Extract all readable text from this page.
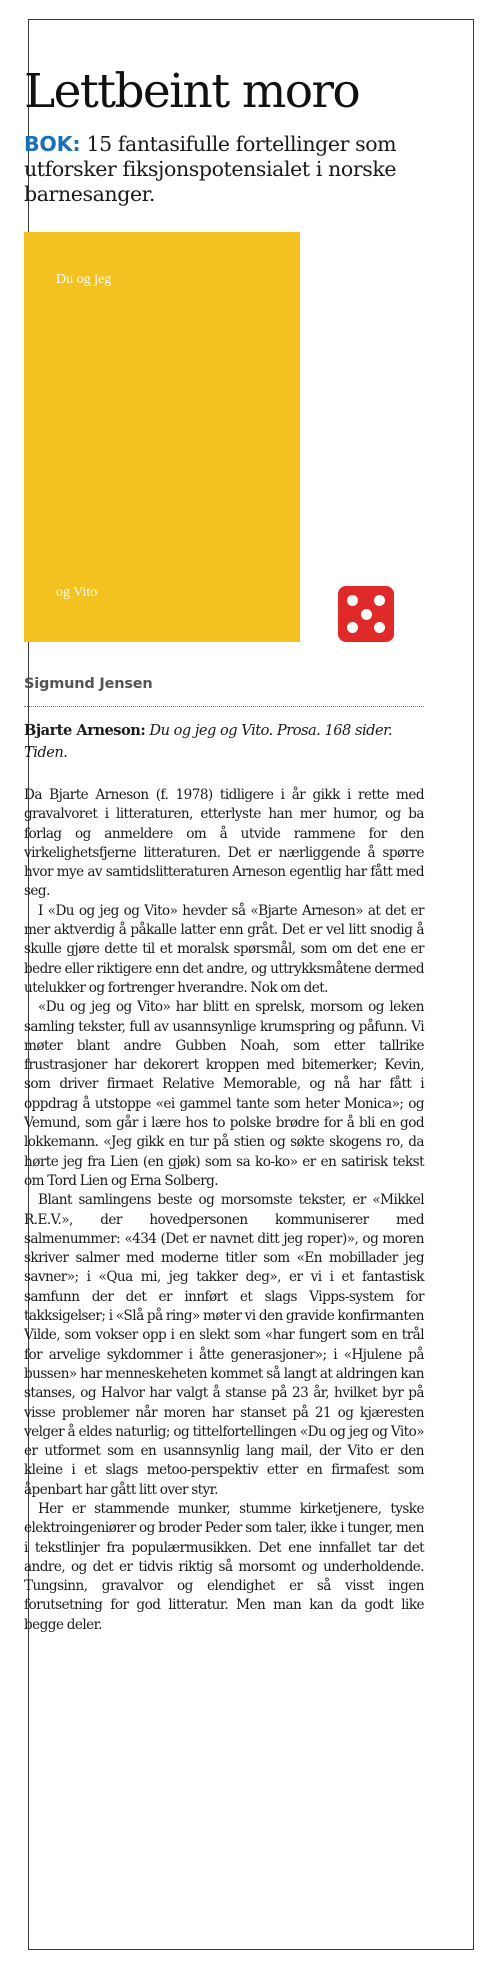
Lettbeint moro
BOK: 15 fantasifulle fortellinger som utforsker fiksjonspotensialet i norske barnesanger.
Du og jeg
og Vito
Sigmund Jensen
Bjarte Arneson: Du og jeg og Vito. Prosa. 168 sider. Tiden.

Da Bjarte Arneson (f. 1978) tidligere i år gikk i rette med gravalvoret i litteraturen, etterlyste han mer humor, og ba forlag og anmeldere om å utvide rammene for den virkelighetsfjerne litteraturen. Det er nærliggende å spørre hvor mye av samtidslitteraturen Arneson egentlig har fått med seg.

I «Du og jeg og Vito» hevder så «Bjarte Arneson» at det er mer aktverdig å påkalle latter enn gråt. Det er vel litt snodig å skulle gjøre dette til et moralsk spørsmål, som om det ene er bedre eller riktigere enn det andre, og uttrykksmåtene dermed utelukker og fortrenger hverandre. Nok om det.

«Du og jeg og Vito» har blitt en sprelsk, morsom og leken samling tekster, full av usannsynlige krumspring og påfunn. Vi møter blant andre Gubben Noah, som etter tallrike frustrasjoner har dekorert kroppen med bitemerker; Kevin, som driver firmaet Relative Memorable, og nå har fått i oppdrag å utstoppe «ei gammel tante som heter Monica»; og Vemund, som går i lære hos to polske brødre for å bli en god lokkemann. «Jeg gikk en tur på stien og søkte skogens ro, da hørte jeg fra Lien (en gjøk) som sa ko-ko» er en satirisk tekst om Tord Lien og Erna Solberg.

Blant samlingens beste og morsomste tekster, er «Mikkel R.E.V.», der hovedpersonen kommuniserer med salmenummer: «434 (Det er navnet ditt jeg roper)», og moren skriver salmer med moderne titler som «En mobillader jeg savner»; i «Qua mi, jeg takker deg», er vi i et fantastisk samfunn der det er innført et slags Vipps-system for takksigelser; i «Slå på ring» møter vi den gravide konfirmanten Vilde, som vokser opp i en slekt som «har fungert som en trål for arvelige sykdommer i åtte generasjoner»; i «Hjulene på bussen» har menneskeheten kommet så langt at aldringen kan stanses, og Halvor har valgt å stanse på 23 år, hvilket byr på visse problemer når moren har stanset på 21 og kjæresten velger å eldes naturlig; og tittelfortellingen «Du og jeg og Vito» er utformet som en usannsynlig lang mail, der Vito er den kleine i et slags metoo-perspektiv etter en firmafest som åpenbart har gått litt over styr.

Her er stammende munker, stumme kirketjenere, tyske elektroingeniører og broder Peder som taler, ikke i tunger, men i tekstlinjer fra populærmusikken. Det ene innfallet tar det andre, og det er tidvis riktig så morsomt og underholdende. Tungsinn, gravalvor og elendighet er så visst ingen forutsetning for god litteratur. Men man kan da godt like begge deler.
